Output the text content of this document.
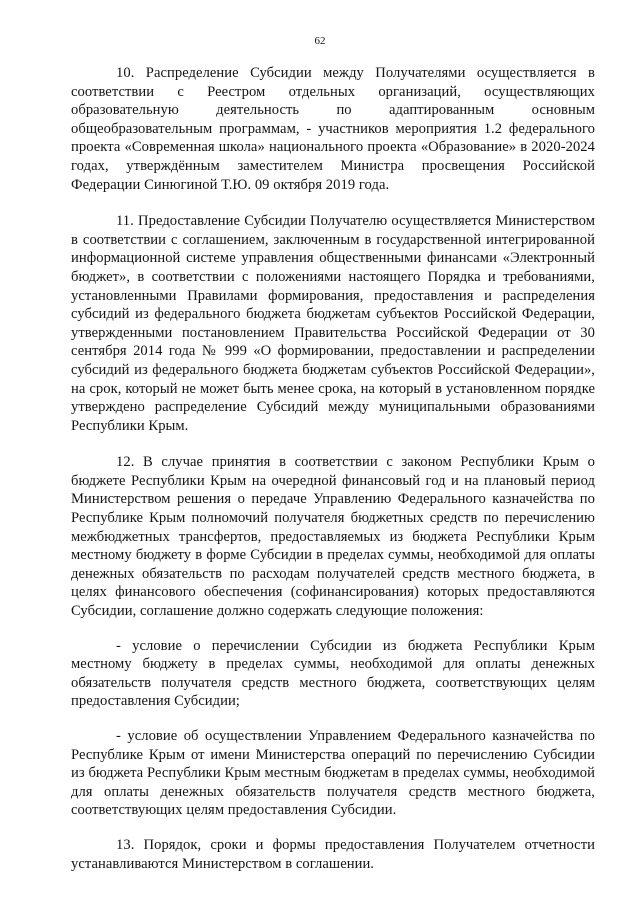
62

10. Распределение Субсидии между Получателями осуществляется в соответствии с Реестром отдельных организаций, осуществляющих образовательную деятельность по адаптированным основным общеобразовательным программам, - участников мероприятия 1.2 федерального проекта «Современная школа» национального проекта «Образование» в 2020-2024 годах, утверждённым заместителем Министра просвещения Российской Федерации Синюгиной Т.Ю. 09 октября 2019 года.

11. Предоставление Субсидии Получателю осуществляется Министерством в соответствии с соглашением, заключенным в государственной интегрированной информационной системе управления общественными финансами «Электронный бюджет», в соответствии с положениями настоящего Порядка и требованиями, установленными Правилами формирования, предоставления и распределения субсидий из федерального бюджета бюджетам субъектов Российской Федерации, утвержденными постановлением Правительства Российской Федерации от 30 сентября 2014 года № 999 «О формировании, предоставлении и распределении субсидий из федерального бюджета бюджетам субъектов Российской Федерации», на срок, который не может быть менее срока, на который в установленном порядке утверждено распределение Субсидий между муниципальными образованиями Республики Крым.

12. В случае принятия в соответствии с законом Республики Крым о бюджете Республики Крым на очередной финансовый год и на плановый период Министерством решения о передаче Управлению Федерального казначейства по Республике Крым полномочий получателя бюджетных средств по перечислению межбюджетных трансфертов, предоставляемых из бюджета Республики Крым местному бюджету в форме Субсидии в пределах суммы, необходимой для оплаты денежных обязательств по расходам получателей средств местного бюджета, в целях финансового обеспечения (софинансирования) которых предоставляются Субсидии, соглашение должно содержать следующие положения:

- условие о перечислении Субсидии из бюджета Республики Крым местному бюджету в пределах суммы, необходимой для оплаты денежных обязательств получателя средств местного бюджета, соответствующих целям предоставления Субсидии;

- условие об осуществлении Управлением Федерального казначейства по Республике Крым от имени Министерства операций по перечислению Субсидии из бюджета Республики Крым местным бюджетам в пределах суммы, необходимой для оплаты денежных обязательств получателя средств местного бюджета, соответствующих целям предоставления Субсидии.

13. Порядок, сроки и формы предоставления Получателем отчетности устанавливаются Министерством в соглашении.
